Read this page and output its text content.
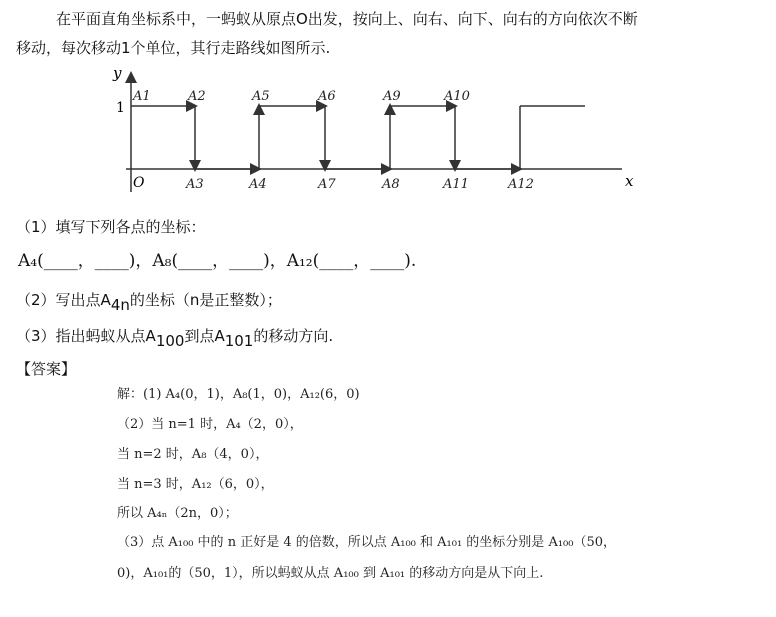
在平面直角坐标系中，一蚂蚁从原点O出发，按向上、向右、向下、向右的方向依次不断
移动，每次移动1个单位，其行走路线如图所示.
y
x
O
1
A1	A2	A5	A6	A9	A10
A3	A4	A7	A8	A11	A12
（1）填写下列各点的坐标：
A₄(____，____)，A₈(____，____)，A₁₂(____，____).
（2）写出点$A_{4n}$的坐标（n是正整数）；
（3）指出蚂蚁从点$A_{100}$到点$A_{101}$的移动方向.
【答案】
解：(1) A₄(0，1)，A₈(1，0)，A₁₂(6，0)
（2）当 n=1 时，A₄（2，0），
当 n=2 时，A₈（4，0），
当 n=3 时，A₁₂（6，0），
所以 A₄ₙ（2n，0）；
（3）点 A₁₀₀ 中的 n 正好是 4 的倍数，所以点 A₁₀₀ 和 A₁₀₁ 的坐标分别是 A₁₀₀（50，
0)，A₁₀₁的（50，1），所以蚂蚁从点 A₁₀₀ 到 A₁₀₁ 的移动方向是从下向上.
